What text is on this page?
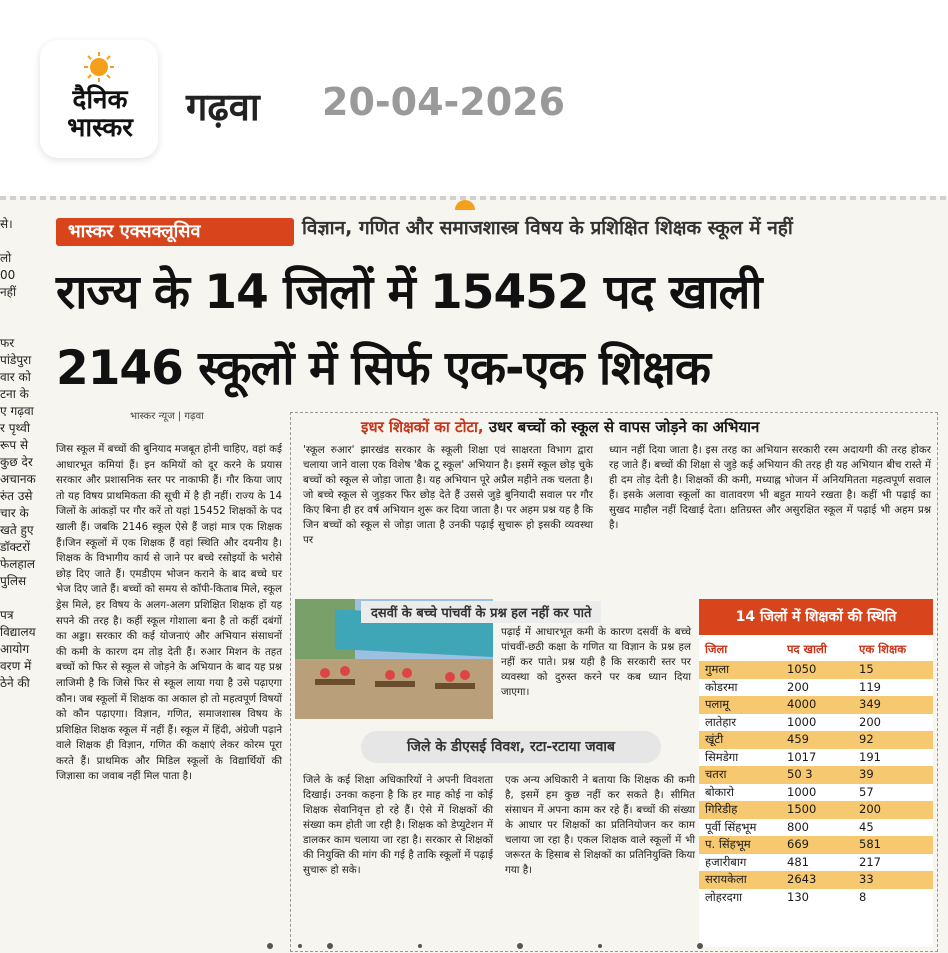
दैनिक
भास्कर	गढ़वा 20-04-2026
से।

लो
00
नहीं

फर
पांडेपुरा
वार को
टना के
ए गढ़वा
र पृथ्वी
रूप से
कुछ देर
अचानक
रुंत उसे
चार के
खते हुए
डॉक्टरों
फेलहाल
पुलिस

पत्र
विद्यालय
आयोग
वरण में
ठेने की
भास्कर एक्सक्लूसिव	विज्ञान, गणित और समाजशास्त्र विषय के प्रशिक्षित शिक्षक स्कूल में नहीं
राज्य के 14 जिलों में 15452 पद खाली
2146 स्कूलों में सिर्फ एक-एक शिक्षक
भास्कर न्यूज | गढ़वा
जिस स्कूल में बच्चों की बुनियाद मजबूत होनी चाहिए, वहां कई आधारभूत कमियां हैं। इन कमियों को दूर करने के प्रयास सरकार और प्रशासनिक स्तर पर नाकाफी हैं। गौर किया जाए तो यह विषय प्राथमिकता की सूची में है ही नहीं। राज्य के 14 जिलों के आंकड़ों पर गौर करें तो यहां 15452 शिक्षकों के पद खाली हैं। जबकि 2146 स्कूल ऐसे हैं जहां मात्र एक शिक्षक हैं।जिन स्कूलों में एक शिक्षक हैं वहां स्थिति और दयनीय है। शिक्षक के विभागीय कार्य से जाने पर बच्चे रसोइयों के भरोसे छोड़ दिए जाते हैं। एमडीएम भोजन कराने के बाद बच्चे घर भेज दिए जाते हैं। बच्चों को समय से कॉपी-किताब मिले, स्कूल ड्रेस मिले, हर विषय के अलग-अलग प्रशिक्षित शिक्षक हों यह सपने की तरह है। कहीं स्कूल गोशाला बना है तो कहीं दबंगों का अड्डा। सरकार की कई योजनाएं और अभियान संसाधनों की कमी के कारण दम तोड़ देती हैं। रुआर मिशन के तहत बच्चों को फिर से स्कूल से जोड़ने के अभियान के बाद यह प्रश्न लाजिमी है कि जिसे फिर से स्कूल लाया गया है उसे पढ़ाएगा कौन। जब स्कूलों में शिक्षक का अकाल हो तो महत्वपूर्ण विषयों को कौन पढ़ाएगा। विज्ञान, गणित, समाजशास्त्र विषय के प्रशिक्षित शिक्षक स्कूल में नहीं हैं। स्कूल में हिंदी, अंग्रेजी पढ़ाने वाले शिक्षक ही विज्ञान, गणित की कक्षाएं लेकर कोरम पूरा करते हैं। प्राथमिक और मिडिल स्कूलों के विद्यार्थियों की जिज्ञासा का जवाब नहीं मिल पाता है।
इधर शिक्षकों का टोटा, उधर बच्चों को स्कूल से वापस जोड़ने का अभियान
'स्कूल रुआर' झारखंड सरकार के स्कूली शिक्षा एवं साक्षरता विभाग द्वारा चलाया जाने वाला एक विशेष 'बैक टू स्कूल' अभियान है। इसमें स्कूल छोड़ चुके बच्चों को स्कूल से जोड़ा जाता है। यह अभियान पूरे अप्रैल महीने तक चलता है। जो बच्चे स्कूल से जुड़कर फिर छोड़ देते हैं उससे जुड़े बुनियादी सवाल पर गौर किए बिना ही हर वर्ष अभियान शुरू कर दिया जाता है। पर अहम प्रश्न यह है कि जिन बच्चों को स्कूल से जोड़ा जाता है उनकी पढ़ाई सुचारू हो इसकी व्यवस्था पर
ध्यान नहीं दिया जाता है। इस तरह का अभियान सरकारी रस्म अदायगी की तरह होकर रह जाते हैं। बच्चों की शिक्षा से जुड़े कई अभियान की तरह ही यह अभियान बीच रास्ते में ही दम तोड़ देती है। शिक्षकों की कमी, मध्याह्न भोजन में अनियमितता महत्वपूर्ण सवाल हैं। इसके अलावा स्कूलों का वातावरण भी बहुत मायने रखता है। कहीं भी पढ़ाई का सुखद माहौल नहीं दिखाई देता। क्षतिग्रस्त और असुरक्षित स्कूल में पढ़ाई भी अहम प्रश्न है।
दसवीं के बच्चे पांचवीं के प्रश्न हल नहीं कर पाते
पढ़ाई में आधारभूत कमी के कारण दसवीं के बच्चे पांचवीं-छठी कक्षा के गणित या विज्ञान के प्रश्न हल नहीं कर पाते। प्रश्न यही है कि सरकारी स्तर पर व्यवस्था को दुरुस्त करने पर कब ध्यान दिया जाएगा।
जिले के डीएसई विवश, रटा-रटाया जवाब
जिले के कई शिक्षा अधिकारियों ने अपनी विवशता दिखाई। उनका कहना है कि हर माह कोई ना कोई शिक्षक सेवानिवृत्त हो रहे हैं। ऐसे में शिक्षकों की संख्या कम होती जा रही है। शिक्षक को डेप्युटेशन में डालकर काम चलाया जा रहा है। सरकार से शिक्षकों की नियुक्ति की मांग की गई है ताकि स्कूलों में पढ़ाई सुचारू हो सके।
एक अन्य अधिकारी ने बताया कि शिक्षक की कमी है, इसमें हम कुछ नहीं कर सकते है। सीमित संसाधन में अपना काम कर रहे हैं। बच्चों की संख्या के आधार पर शिक्षकों का प्रतिनियोजन कर काम चलाया जा रहा है। एकल शिक्षक वाले स्कूलों में भी जरूरत के हिसाब से शिक्षकों का प्रतिनियुक्ति किया गया है।
14 जिलों में शिक्षकों की स्थिति
जिला	पद खाली	एक शिक्षक
गुमला	1050	15
कोडरमा	200	119
पलामू	4000	349
लातेहार	1000	200
खूंटी	459	92
सिमडेगा	1017	191
चतरा	50 3	39
बोकारो	1000	57
गिरिडीह	1500	200
पूर्वी सिंहभूम	800	45
प. सिंहभूम	669	581
हजारीबाग	481	217
सरायकेला	2643	33
लोहरदगा	130	8
